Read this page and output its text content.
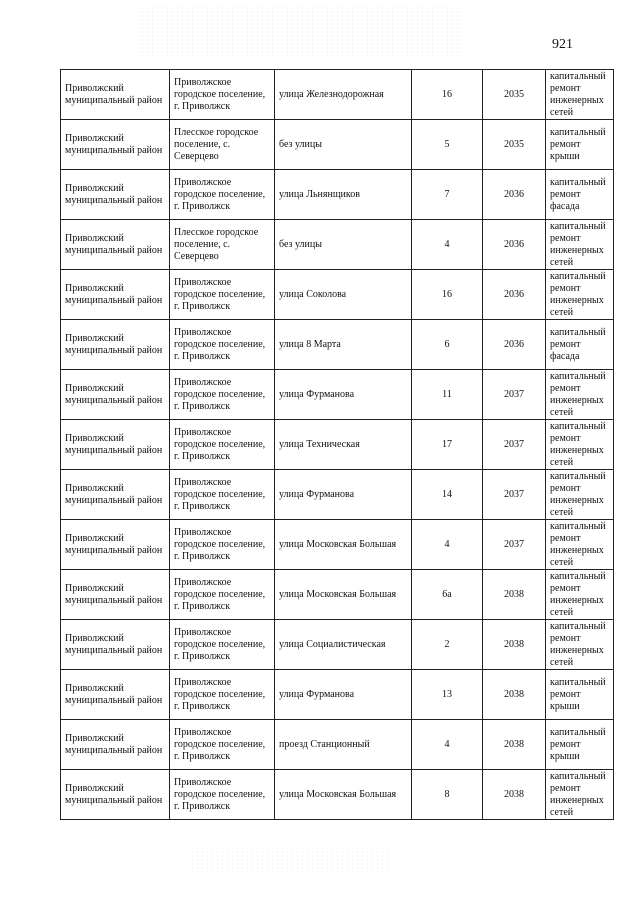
921
Приволжский муниципальный район	Приволжское городское поселение, г. Приволжск	улица Железнодорожная	16	2035	капитальный ремонт инженерных сетей
Приволжский муниципальный район	Плесское городское поселение, с. Северцево	без улицы	5	2035	капитальный ремонт крыши
Приволжский муниципальный район	Приволжское городское поселение, г. Приволжск	улица Льнянщиков	7	2036	капитальный ремонт фасада
Приволжский муниципальный район	Плесское городское поселение, с. Северцево	без улицы	4	2036	капитальный ремонт инженерных сетей
Приволжский муниципальный район	Приволжское городское поселение, г. Приволжск	улица Соколова	16	2036	капитальный ремонт инженерных сетей
Приволжский муниципальный район	Приволжское городское поселение, г. Приволжск	улица 8 Марта	6	2036	капитальный ремонт фасада
Приволжский муниципальный район	Приволжское городское поселение, г. Приволжск	улица Фурманова	11	2037	капитальный ремонт инженерных сетей
Приволжский муниципальный район	Приволжское городское поселение, г. Приволжск	улица Техническая	17	2037	капитальный ремонт инженерных сетей
Приволжский муниципальный район	Приволжское городское поселение, г. Приволжск	улица Фурманова	14	2037	капитальный ремонт инженерных сетей
Приволжский муниципальный район	Приволжское городское поселение, г. Приволжск	улица Московская Большая	4	2037	капитальный ремонт инженерных сетей
Приволжский муниципальный район	Приволжское городское поселение, г. Приволжск	улица Московская Большая	6а	2038	капитальный ремонт инженерных сетей
Приволжский муниципальный район	Приволжское городское поселение, г. Приволжск	улица Социалистическая	2	2038	капитальный ремонт инженерных сетей
Приволжский муниципальный район	Приволжское городское поселение, г. Приволжск	улица Фурманова	13	2038	капитальный ремонт крыши
Приволжский муниципальный район	Приволжское городское поселение, г. Приволжск	проезд Станционный	4	2038	капитальный ремонт крыши
Приволжский муниципальный район	Приволжское городское поселение, г. Приволжск	улица Московская Большая	8	2038	капитальный ремонт инженерных сетей
